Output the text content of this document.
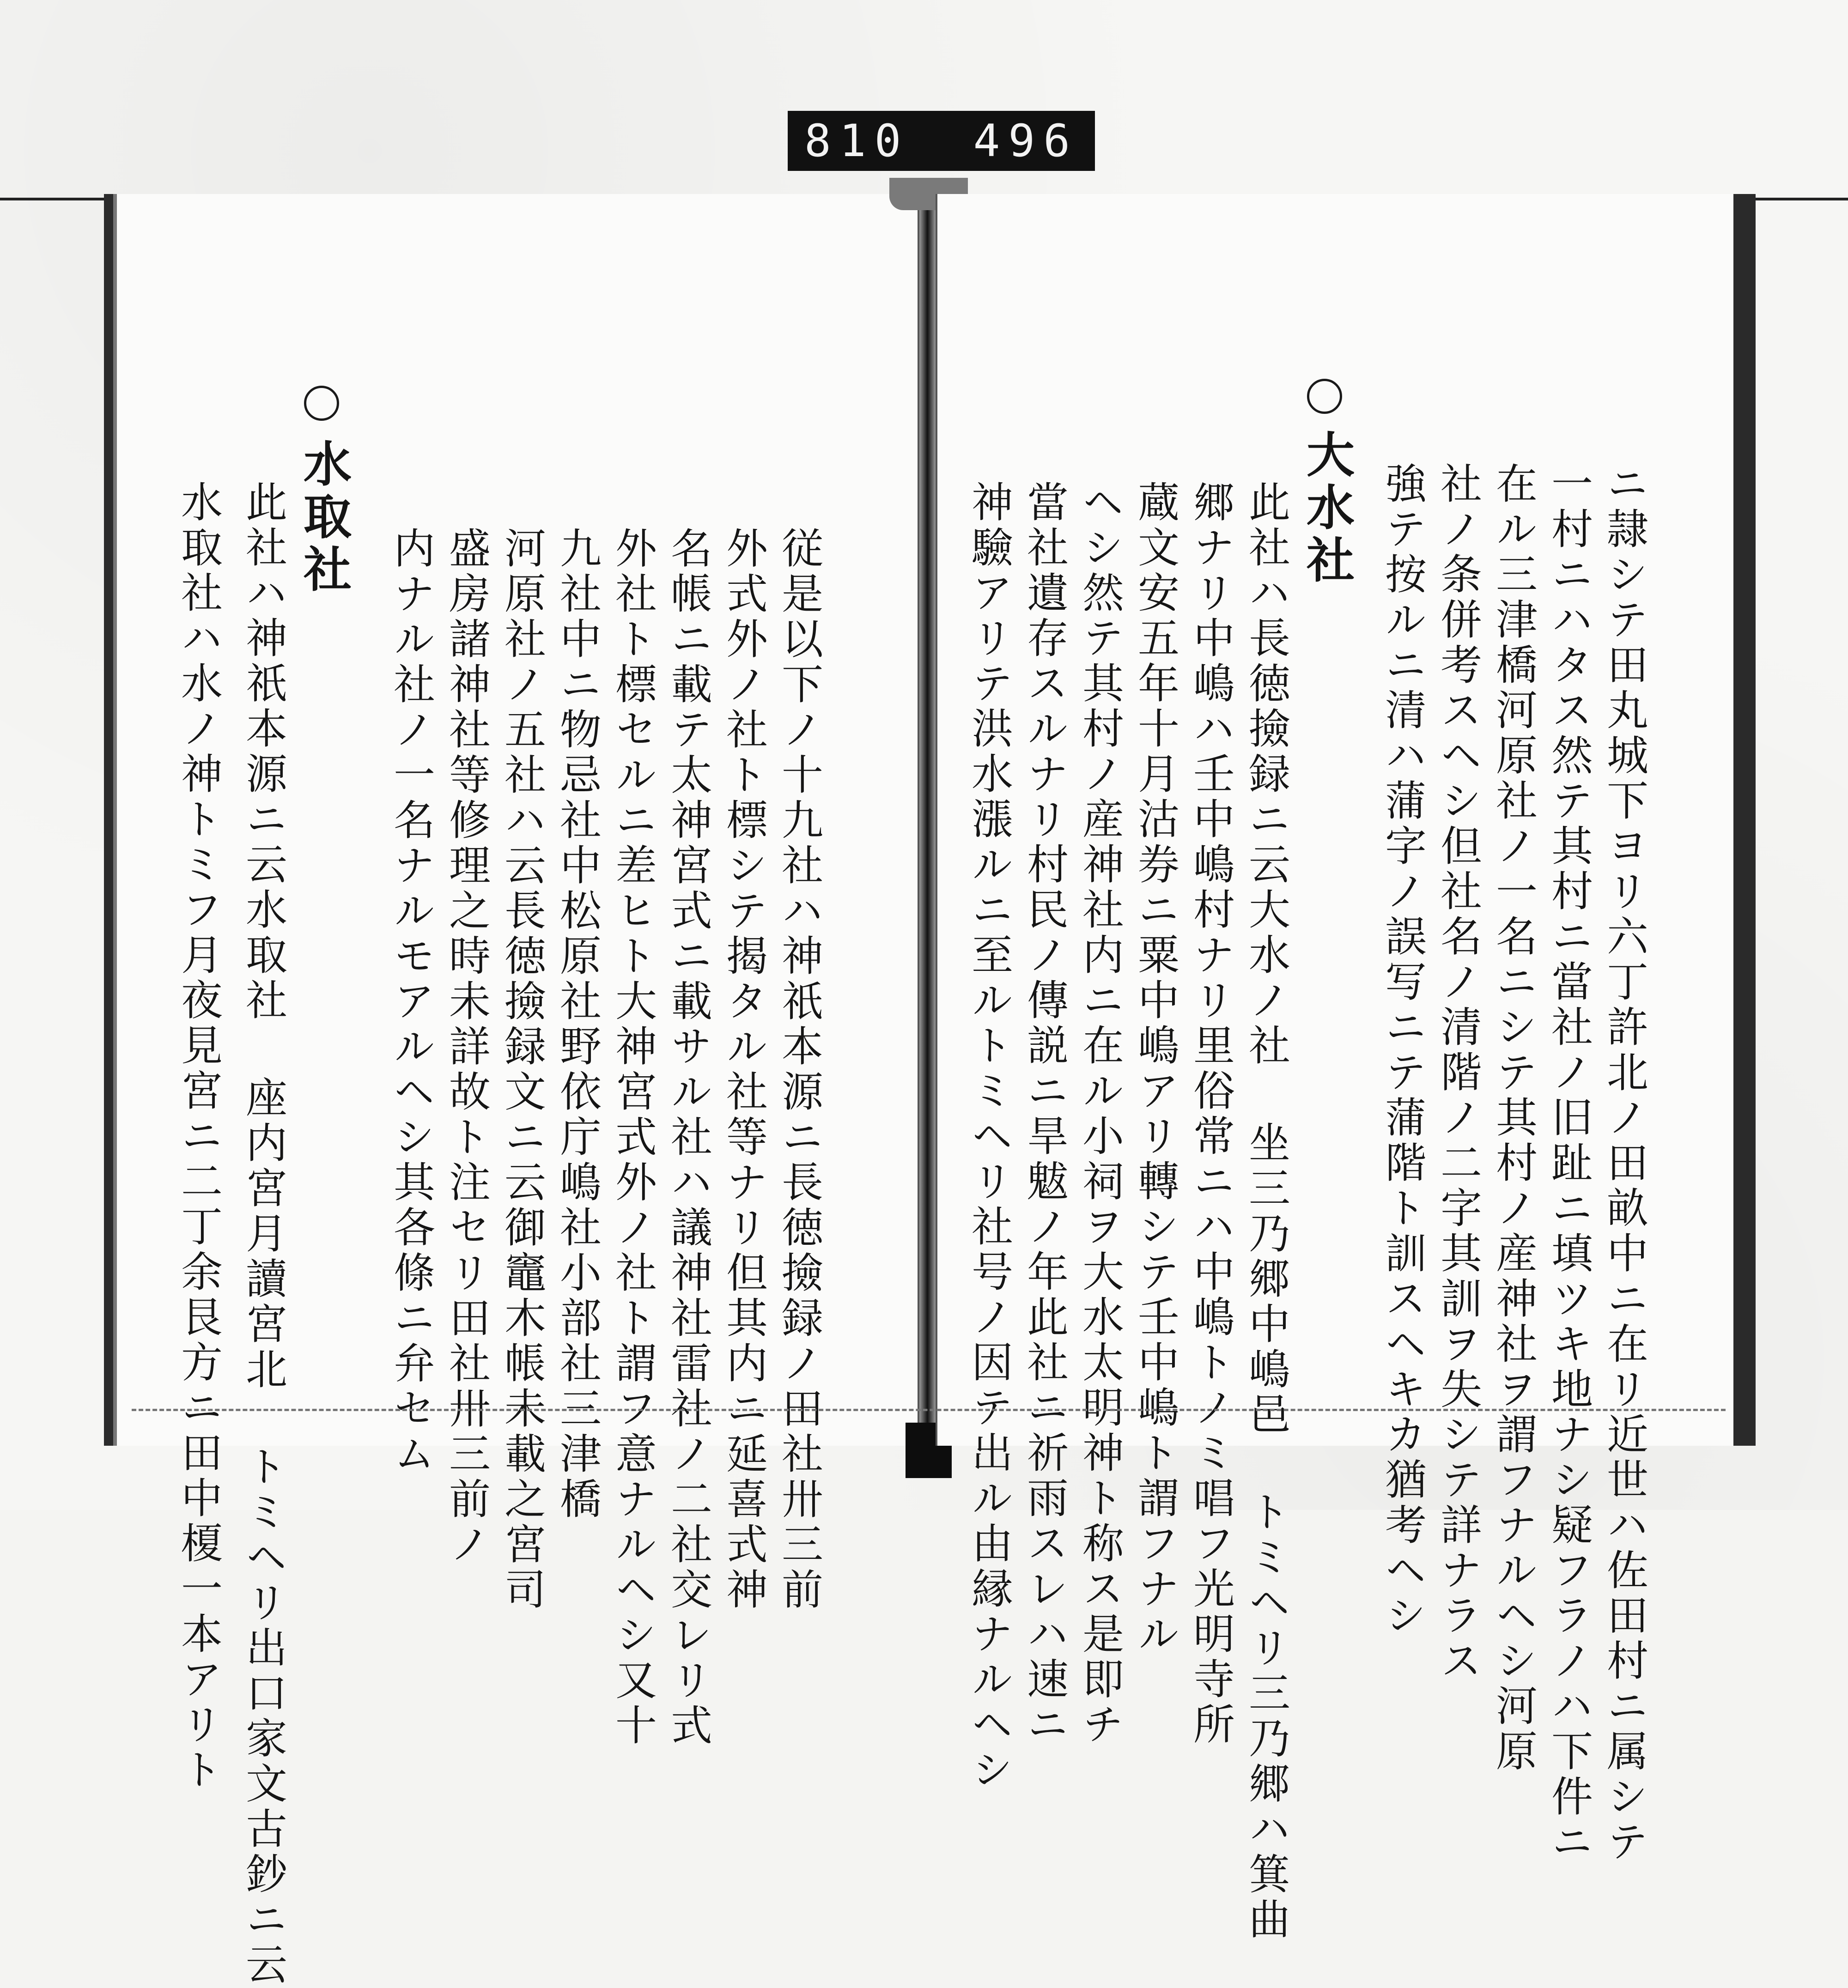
810 496
従是以下ノ十九社ハ神祇本源ニ長徳撿録ノ田社卅三前
外式外ノ社ト標シテ揭タル社等ナリ但其内ニ延喜式神
名帳ニ載テ太神宮式ニ載サル社ハ議神社雷社ノ二社交レリ式
外社ト標セルニ差ヒト大神宮式外ノ社ト謂フ意ナルヘシ又十
九社中ニ物忌社中松原社野依庁嶋社小部社三津橋
河原社ノ五社ハ云長徳撿録文ニ云御竈木帳未載之宮司
盛房諸神社等修理之時未詳故ト注セリ田社卅三前ノ
内ナル社ノ一名ナルモアルヘシ其各條ニ弁セム
水取社
此社ハ神祇本源ニ云水取社 座内宮月讀宮北 トミヘリ出口家文古鈔ニ云
水取社ハ水ノ神トミフ月夜見宮ニ二丁余艮方ニ田中榎一本アリト	ニ隷シテ田丸城下ヨリ六丁許北ノ田畝中ニ在リ近世ハ佐田村ニ属シテ
一村ニハタス然テ其村ニ當社ノ旧趾ニ填ツキ地ナシ疑フラノハ下件ニ
在ル三津橋河原社ノ一名ニシテ其村ノ産神社ヲ謂フナルヘシ河原
社ノ条併考スヘシ但社名ノ清階ノ二字其訓ヲ失シテ詳ナラス
強テ按ルニ清ハ蒲字ノ誤写ニテ蒲階ト訓スヘキカ猶考ヘシ
大水社
此社ハ長徳撿録ニ云大水ノ社 坐三乃郷中嶋邑 トミヘリ三乃郷ハ箕曲
郷ナリ中嶋ハ壬中嶋村ナリ里俗常ニハ中嶋トノミ唱フ光明寺所
蔵文安五年十月沽券ニ粟中嶋アリ轉シテ壬中嶋ト謂フナル
ヘシ然テ其村ノ産神社内ニ在ル小祠ヲ大水太明神ト称ス是即チ
當社遺存スルナリ村民ノ傳説ニ旱魃ノ年此社ニ祈雨スレハ速ニ
神驗アリテ洪水漲ルニ至ルトミヘリ社号ノ因テ出ル由縁ナルヘシ
